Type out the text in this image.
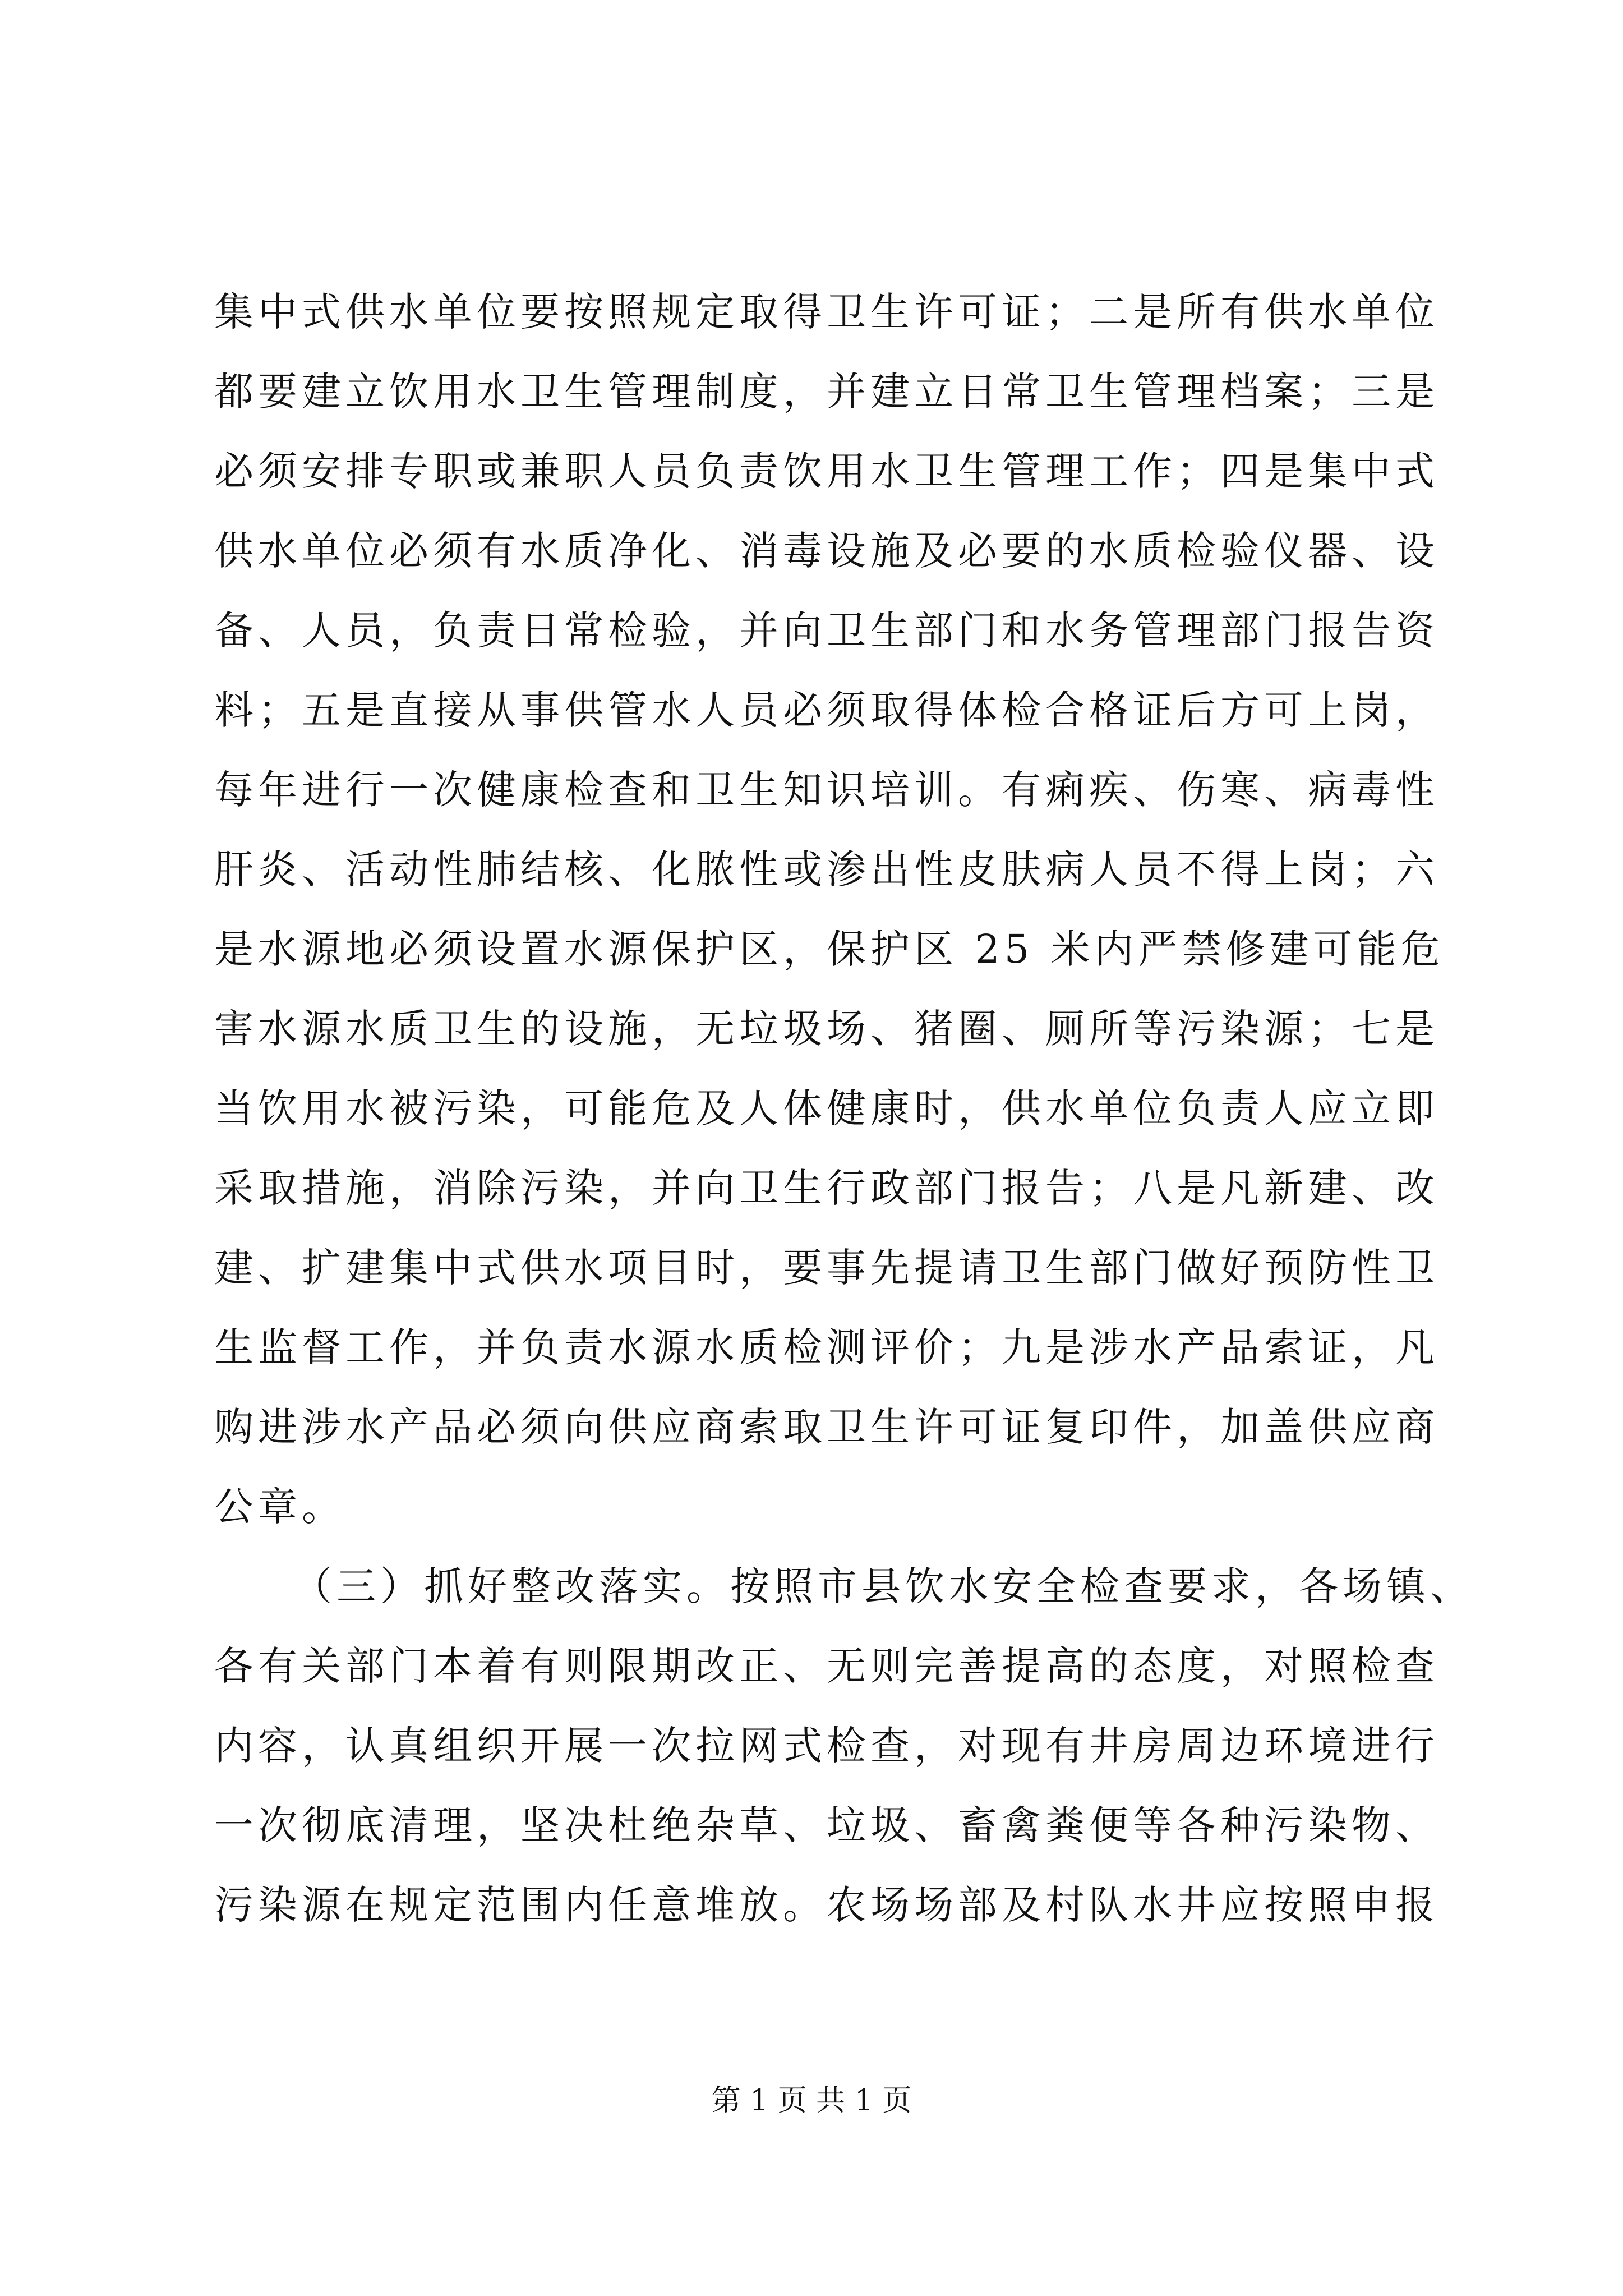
集中式供水单位要按照规定取得卫生许可证；二是所有供水单位
都要建立饮用水卫生管理制度，并建立日常卫生管理档案；三是
必须安排专职或兼职人员负责饮用水卫生管理工作；四是集中式
供水单位必须有水质净化、消毒设施及必要的水质检验仪器、设
备、人员，负责日常检验，并向卫生部门和水务管理部门报告资
料；五是直接从事供管水人员必须取得体检合格证后方可上岗，
每年进行一次健康检查和卫生知识培训。有痢疾、伤寒、病毒性
肝炎、活动性肺结核、化脓性或渗出性皮肤病人员不得上岗；六
是水源地必须设置水源保护区，保护区 25 米内严禁修建可能危
害水源水质卫生的设施，无垃圾场、猪圈、厕所等污染源；七是
当饮用水被污染，可能危及人体健康时，供水单位负责人应立即
采取措施，消除污染，并向卫生行政部门报告；八是凡新建、改
建、扩建集中式供水项目时，要事先提请卫生部门做好预防性卫
生监督工作，并负责水源水质检测评价；九是涉水产品索证，凡
购进涉水产品必须向供应商索取卫生许可证复印件，加盖供应商
公章。
（三）抓好整改落实。按照市县饮水安全检查要求，各场镇、
各有关部门本着有则限期改正、无则完善提高的态度，对照检查
内容，认真组织开展一次拉网式检查，对现有井房周边环境进行
一次彻底清理，坚决杜绝杂草、垃圾、畜禽粪便等各种污染物、
污染源在规定范围内任意堆放。农场场部及村队水井应按照申报
第 1 页 共 1 页
